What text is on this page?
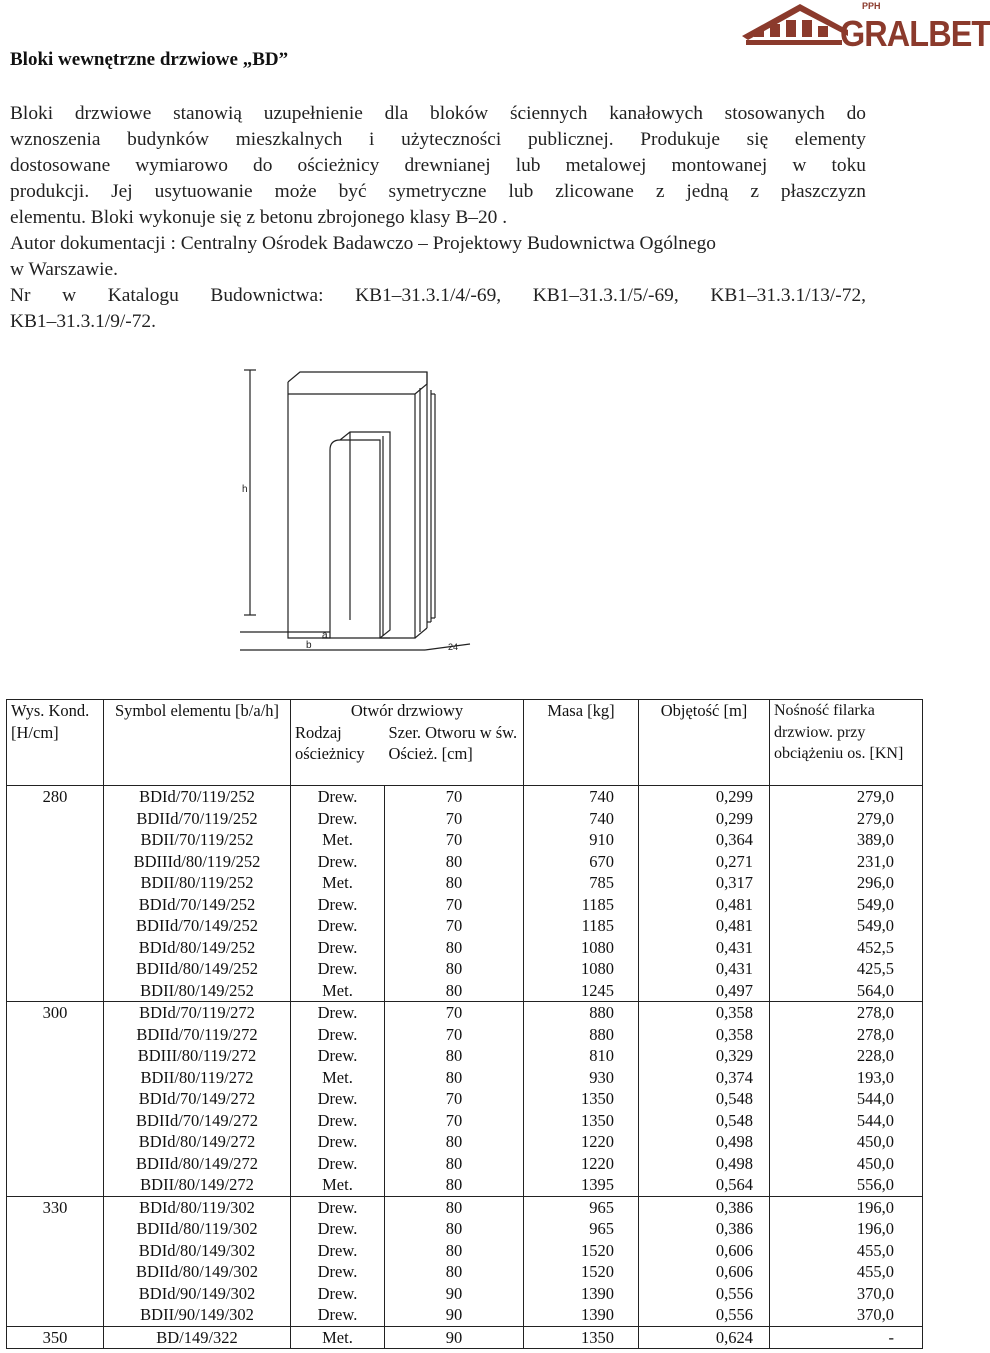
PPH
GRALBET
Bloki wewnętrzne drzwiowe „BD”
Bloki drzwiowe stanowią uzupełnienie dla bloków ściennych kanałowych stosowanych do
wznoszenia budynków mieszkalnych i użyteczności publicznej. Produkuje się elementy
dostosowane wymiarowo do ościeżnicy drewnianej lub metalowej montowanej w toku
produkcji. Jej usytuowanie może być symetryczne lub zlicowane z jedną z płaszczyzn
elementu. Bloki wykonuje się z betonu zbrojonego klasy B–20 .
Autor dokumentacji : Centralny Ośrodek Badawczo – Projektowy Budownictwa Ogólnego
w Warszawie.
Nr w Katalogu Budownictwa: KB1–31.3.1/4/-69, KB1–31.3.1/5/-69, KB1–31.3.1/13/-72,
KB1–31.3.1/9/-72.
h
a
b	24
Wys. Kond. [H/cm]	Symbol elementu [b/a/h]	Otwór drzwiowy		Masa [kg]	Objętość [m]	Nośność filarka drzwiow. przy obciążeniu os. [KN]
		Rodzaj ościeżnicy	Szer. Otworu w św. Oścież. [cm]			
280	BDId/70/119/252	Drew.	70	740	0,299	279,0
	BDIId/70/119/252	Drew.	70	740	0,299	279,0
	BDII/70/119/252	Met.	70	910	0,364	389,0
	BDIIId/80/119/252	Drew.	80	670	0,271	231,0
	BDII/80/119/252	Met.	80	785	0,317	296,0
	BDId/70/149/252	Drew.	70	1185	0,481	549,0
	BDIId/70/149/252	Drew.	70	1185	0,481	549,0
	BDId/80/149/252	Drew.	80	1080	0,431	452,5
	BDIId/80/149/252	Drew.	80	1080	0,431	425,5
	BDII/80/149/252	Met.	80	1245	0,497	564,0
300	BDId/70/119/272	Drew.	70	880	0,358	278,0
	BDIId/70/119/272	Drew.	70	880	0,358	278,0
	BDIII/80/119/272	Drew.	80	810	0,329	228,0
	BDII/80/119/272	Met.	80	930	0,374	193,0
	BDId/70/149/272	Drew.	70	1350	0,548	544,0
	BDIId/70/149/272	Drew.	70	1350	0,548	544,0
	BDId/80/149/272	Drew.	80	1220	0,498	450,0
	BDIId/80/149/272	Drew.	80	1220	0,498	450,0
	BDII/80/149/272	Met.	80	1395	0,564	556,0
330	BDId/80/119/302	Drew.	80	965	0,386	196,0
	BDIId/80/119/302	Drew.	80	965	0,386	196,0
	BDId/80/149/302	Drew.	80	1520	0,606	455,0
	BDIId/80/149/302	Drew.	80	1520	0,606	455,0
	BDId/90/149/302	Drew.	90	1390	0,556	370,0
	BDII/90/149/302	Drew.	90	1390	0,556	370,0
350	BD/149/322	Met.	90	1350	0,624	-
